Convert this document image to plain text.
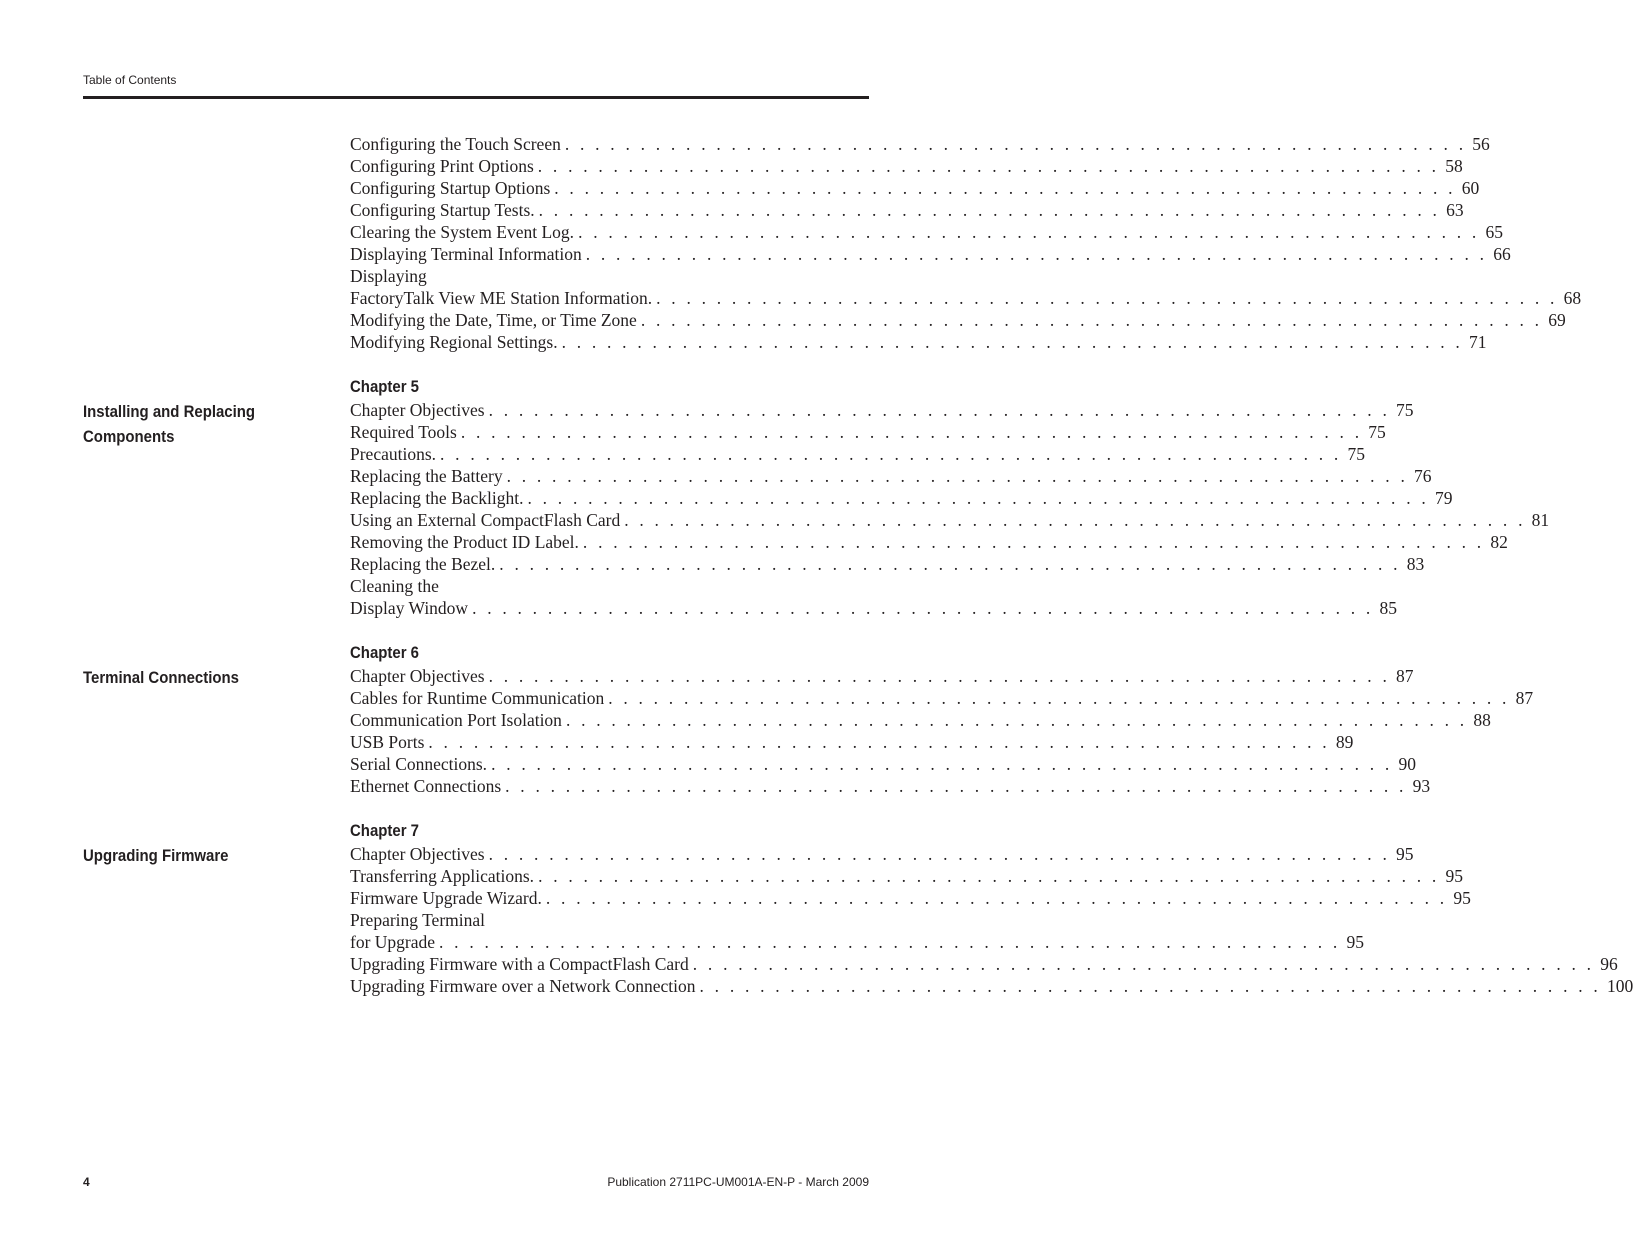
Table of Contents
Configuring the Touch Screen . . . . . . . . . . . . . . . . . . . . . . . . . . . . . . . . . . . . . . . . . . . . . . . . . . . . . . . . . . . . 56
Configuring Print Options . . . . . . . . . . . . . . . . . . . . . . . . . . . . . . . . . . . . . . . . . . . . . . . . . . . . . . . . . . . . 58
Configuring Startup Options . . . . . . . . . . . . . . . . . . . . . . . . . . . . . . . . . . . . . . . . . . . . . . . . . . . . . . . . . . . . 60
Configuring Startup Tests. . . . . . . . . . . . . . . . . . . . . . . . . . . . . . . . . . . . . . . . . . . . . . . . . . . . . . . . . . . . . 63
Clearing the System Event Log. . . . . . . . . . . . . . . . . . . . . . . . . . . . . . . . . . . . . . . . . . . . . . . . . . . . . . . . . . . . . 65
Displaying Terminal Information . . . . . . . . . . . . . . . . . . . . . . . . . . . . . . . . . . . . . . . . . . . . . . . . . . . . . . . . . . . . 66
Displaying
FactoryTalk View ME Station Information. . . . . . . . . . . . . . . . . . . . . . . . . . . . . . . . . . . . . . . . . . . . . . . . . . . . . . . . . . . . . 68
Modifying the Date, Time, or Time Zone . . . . . . . . . . . . . . . . . . . . . . . . . . . . . . . . . . . . . . . . . . . . . . . . . . . . . . . . . . . . 69
Modifying Regional Settings. . . . . . . . . . . . . . . . . . . . . . . . . . . . . . . . . . . . . . . . . . . . . . . . . . . . . . . . . . . . . 71
Chapter 5
Installing and Replacing Components
Chapter Objectives . . . . . . . . . . . . . . . . . . . . . . . . . . . . . . . . . . . . . . . . . . . . . . . . . . . . . . . . . . . . 75
Required Tools . . . . . . . . . . . . . . . . . . . . . . . . . . . . . . . . . . . . . . . . . . . . . . . . . . . . . . . . . . . . 75
Precautions. . . . . . . . . . . . . . . . . . . . . . . . . . . . . . . . . . . . . . . . . . . . . . . . . . . . . . . . . . . . . 75
Replacing the Battery . . . . . . . . . . . . . . . . . . . . . . . . . . . . . . . . . . . . . . . . . . . . . . . . . . . . . . . . . . . . 76
Replacing the Backlight. . . . . . . . . . . . . . . . . . . . . . . . . . . . . . . . . . . . . . . . . . . . . . . . . . . . . . . . . . . . . 79
Using an External CompactFlash Card . . . . . . . . . . . . . . . . . . . . . . . . . . . . . . . . . . . . . . . . . . . . . . . . . . . . . . . . . . . . 81
Removing the Product ID Label. . . . . . . . . . . . . . . . . . . . . . . . . . . . . . . . . . . . . . . . . . . . . . . . . . . . . . . . . . . . . 82
Replacing the Bezel. . . . . . . . . . . . . . . . . . . . . . . . . . . . . . . . . . . . . . . . . . . . . . . . . . . . . . . . . . . . . 83
Cleaning the
Display Window . . . . . . . . . . . . . . . . . . . . . . . . . . . . . . . . . . . . . . . . . . . . . . . . . . . . . . . . . . . . 85
Chapter 6
Terminal Connections	Chapter Objectives . . . . . . . . . . . . . . . . . . . . . . . . . . . . . . . . . . . . . . . . . . . . . . . . . . . . . . . . . . . . 87
Cables for Runtime Communication . . . . . . . . . . . . . . . . . . . . . . . . . . . . . . . . . . . . . . . . . . . . . . . . . . . . . . . . . . . . 87
Communication Port Isolation . . . . . . . . . . . . . . . . . . . . . . . . . . . . . . . . . . . . . . . . . . . . . . . . . . . . . . . . . . . . 88
USB Ports . . . . . . . . . . . . . . . . . . . . . . . . . . . . . . . . . . . . . . . . . . . . . . . . . . . . . . . . . . . . 89
Serial Connections. . . . . . . . . . . . . . . . . . . . . . . . . . . . . . . . . . . . . . . . . . . . . . . . . . . . . . . . . . . . . 90
Ethernet Connections . . . . . . . . . . . . . . . . . . . . . . . . . . . . . . . . . . . . . . . . . . . . . . . . . . . . . . . . . . . . 93
Chapter 7
Upgrading Firmware	Chapter Objectives . . . . . . . . . . . . . . . . . . . . . . . . . . . . . . . . . . . . . . . . . . . . . . . . . . . . . . . . . . . . 95
Transferring Applications. . . . . . . . . . . . . . . . . . . . . . . . . . . . . . . . . . . . . . . . . . . . . . . . . . . . . . . . . . . . . 95
Firmware Upgrade Wizard. . . . . . . . . . . . . . . . . . . . . . . . . . . . . . . . . . . . . . . . . . . . . . . . . . . . . . . . . . . . . 95
Preparing Terminal
for Upgrade . . . . . . . . . . . . . . . . . . . . . . . . . . . . . . . . . . . . . . . . . . . . . . . . . . . . . . . . . . . . 95
Upgrading Firmware with a CompactFlash Card . . . . . . . . . . . . . . . . . . . . . . . . . . . . . . . . . . . . . . . . . . . . . . . . . . . . . . . . . . . . 96
Upgrading Firmware over a Network Connection . . . . . . . . . . . . . . . . . . . . . . . . . . . . . . . . . . . . . . . . . . . . . . . . . . . . . . . . . . . . 100
4	Publication 2711PC-UM001A-EN-P - March 2009
